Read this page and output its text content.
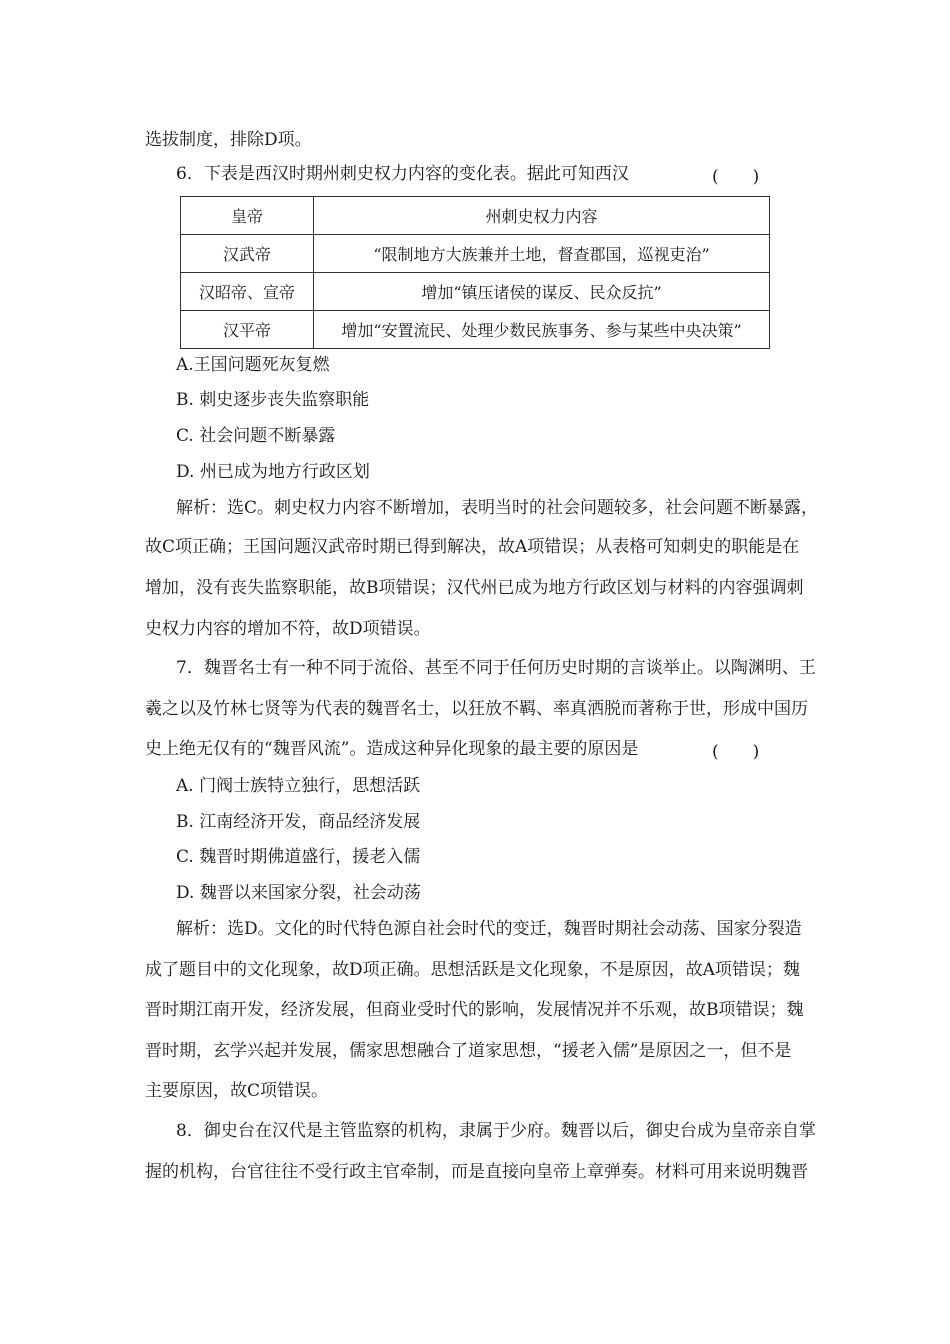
选拔制度，排除D项。
6．下表是西汉时期州刺史权力内容的变化表。据此可知西汉	(　　)
皇帝	州刺史权力内容
汉武帝	“限制地方大族兼并土地，督查郡国，巡视吏治”
汉昭帝、宣帝	增加“镇压诸侯的谋反、民众反抗”
汉平帝	增加“安置流民、处理少数民族事务、参与某些中央决策”
A.王国问题死灰复燃
B. 刺史逐步丧失监察职能
C. 社会问题不断暴露
D. 州已成为地方行政区划
解析：选C。刺史权力内容不断增加，表明当时的社会问题较多，社会问题不断暴露，
故C项正确；王国问题汉武帝时期已得到解决，故A项错误；从表格可知刺史的职能是在
增加，没有丧失监察职能，故B项错误；汉代州已成为地方行政区划与材料的内容强调刺
史权力内容的增加不符，故D项错误。
7．魏晋名士有一种不同于流俗、甚至不同于任何历史时期的言谈举止。以陶渊明、王
羲之以及竹林七贤等为代表的魏晋名士，以狂放不羁、率真洒脱而著称于世，形成中国历
史上绝无仅有的“魏晋风流”。造成这种异化现象的最主要的原因是	(　　)
A. 门阀士族特立独行，思想活跃
B. 江南经济开发，商品经济发展
C. 魏晋时期佛道盛行，援老入儒
D. 魏晋以来国家分裂，社会动荡
解析：选D。文化的时代特色源自社会时代的变迁，魏晋时期社会动荡、国家分裂造
成了题目中的文化现象，故D项正确。思想活跃是文化现象，不是原因，故A项错误；魏
晋时期江南开发，经济发展，但商业受时代的影响，发展情况并不乐观，故B项错误；魏
晋时期，玄学兴起并发展，儒家思想融合了道家思想，“援老入儒”是原因之一，但不是
主要原因，故C项错误。
8．御史台在汉代是主管监察的机构，隶属于少府。魏晋以后，御史台成为皇帝亲自掌
握的机构，台官往往不受行政主官牵制，而是直接向皇帝上章弹奏。材料可用来说明魏晋
